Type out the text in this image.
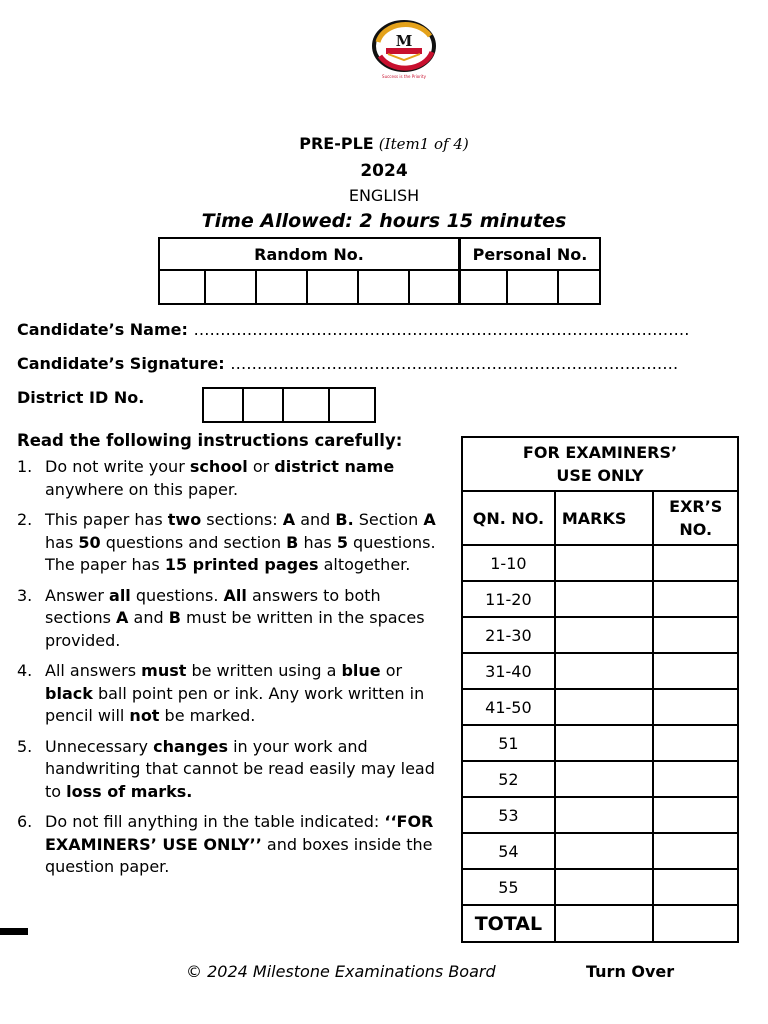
M
Success is the Priority
PRE-PLE (Item1 of 4)
2024
ENGLISH
Time Allowed: 2 hours 15 minutes
Random No.						Personal No.		

Candidate’s Name: …………………………………………………………………………………
Candidate’s Signature: …………………………………………………………………………
District ID No.

Read the following instructions carefully:
1. Do not write your school or district name anywhere on this paper.
2. This paper has two sections: A and B. Section A has 50 questions and section B has 5 questions. The paper has 15 printed pages altogether.
3. Answer all questions. All answers to both sections A and B must be written in the spaces provided.
4. All answers must be written using a blue or black ball point pen or ink. Any work written in pencil will not be marked.
5. Unnecessary changes in your work and handwriting that cannot be read easily may lead to loss of marks.
6. Do not fill anything in the table indicated: ‘‘FOR EXAMINERS’ USE ONLY’’ and boxes inside the question paper.
FOR EXAMINERS’
USE ONLY		
QN. NO.	MARKS	EXR’S
NO.
1-10		
11-20		
21-30		
31-40		
41-50		
51		
52		
53		
54		
55		
TOTAL		
© 2024 Milestone Examinations Board	Turn Over
